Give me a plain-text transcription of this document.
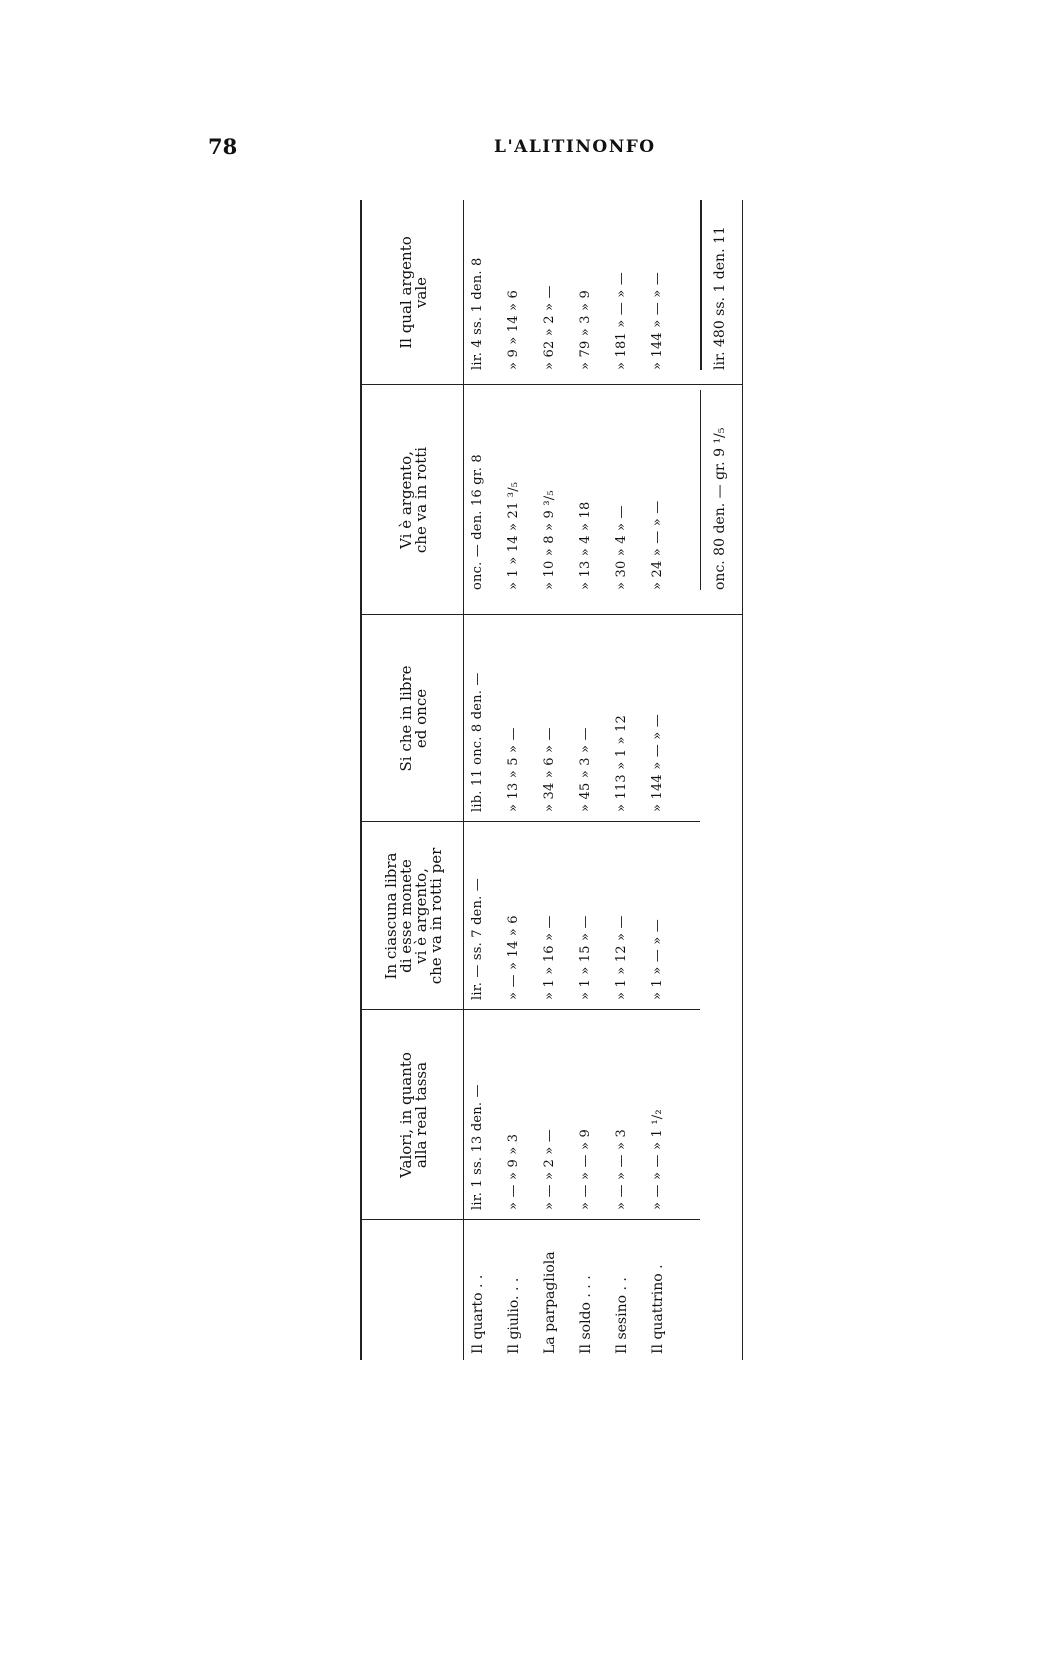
78	L'ALITINONFO
Valori, in quanto
alla real tassa
In ciascuna libra
di esse monete
vi è argento,
che va in rotti per
Si che in libre
ed once
Vi è argento,
che va in rotti
Il qual argento
vale
Il quarto . .
lir. 1 ss. 13 den. —
lir. — ss. 7 den. —
lib. 11 onc. 8 den. —
onc. — den. 16 gr. 8
lir. 4 ss. 1 den. 8
Il giulio. . .
» — » 9 » 3
» — » 14 » 6
» 13 » 5 » —
» 1 » 14 » 21 ³/₅
» 9 » 14 » 6
La parpagliola
» — » 2 » —
» 1 » 16 » —
» 34 » 6 » —
» 10 » 8 » 9 ³/₅
» 62 » 2 » —
Il soldo . . .
» — » — » 9
» 1 » 15 » —
» 45 » 3 » —
» 13 » 4 » 18
» 79 » 3 » 9
Il sesino . .
» — » — » 3
» 1 » 12 » —
» 113 » 1 » 12
» 30 » 4 » —
» 181 » — » —
Il quattrino .
» — » — » 1 ¹/₂
» 1 » — » —
» 144 » — » —
» 24 » — » —
» 144 » — » —
onc. 80 den. — gr. 9 ¹/₅
lir. 480 ss. 1 den. 11
